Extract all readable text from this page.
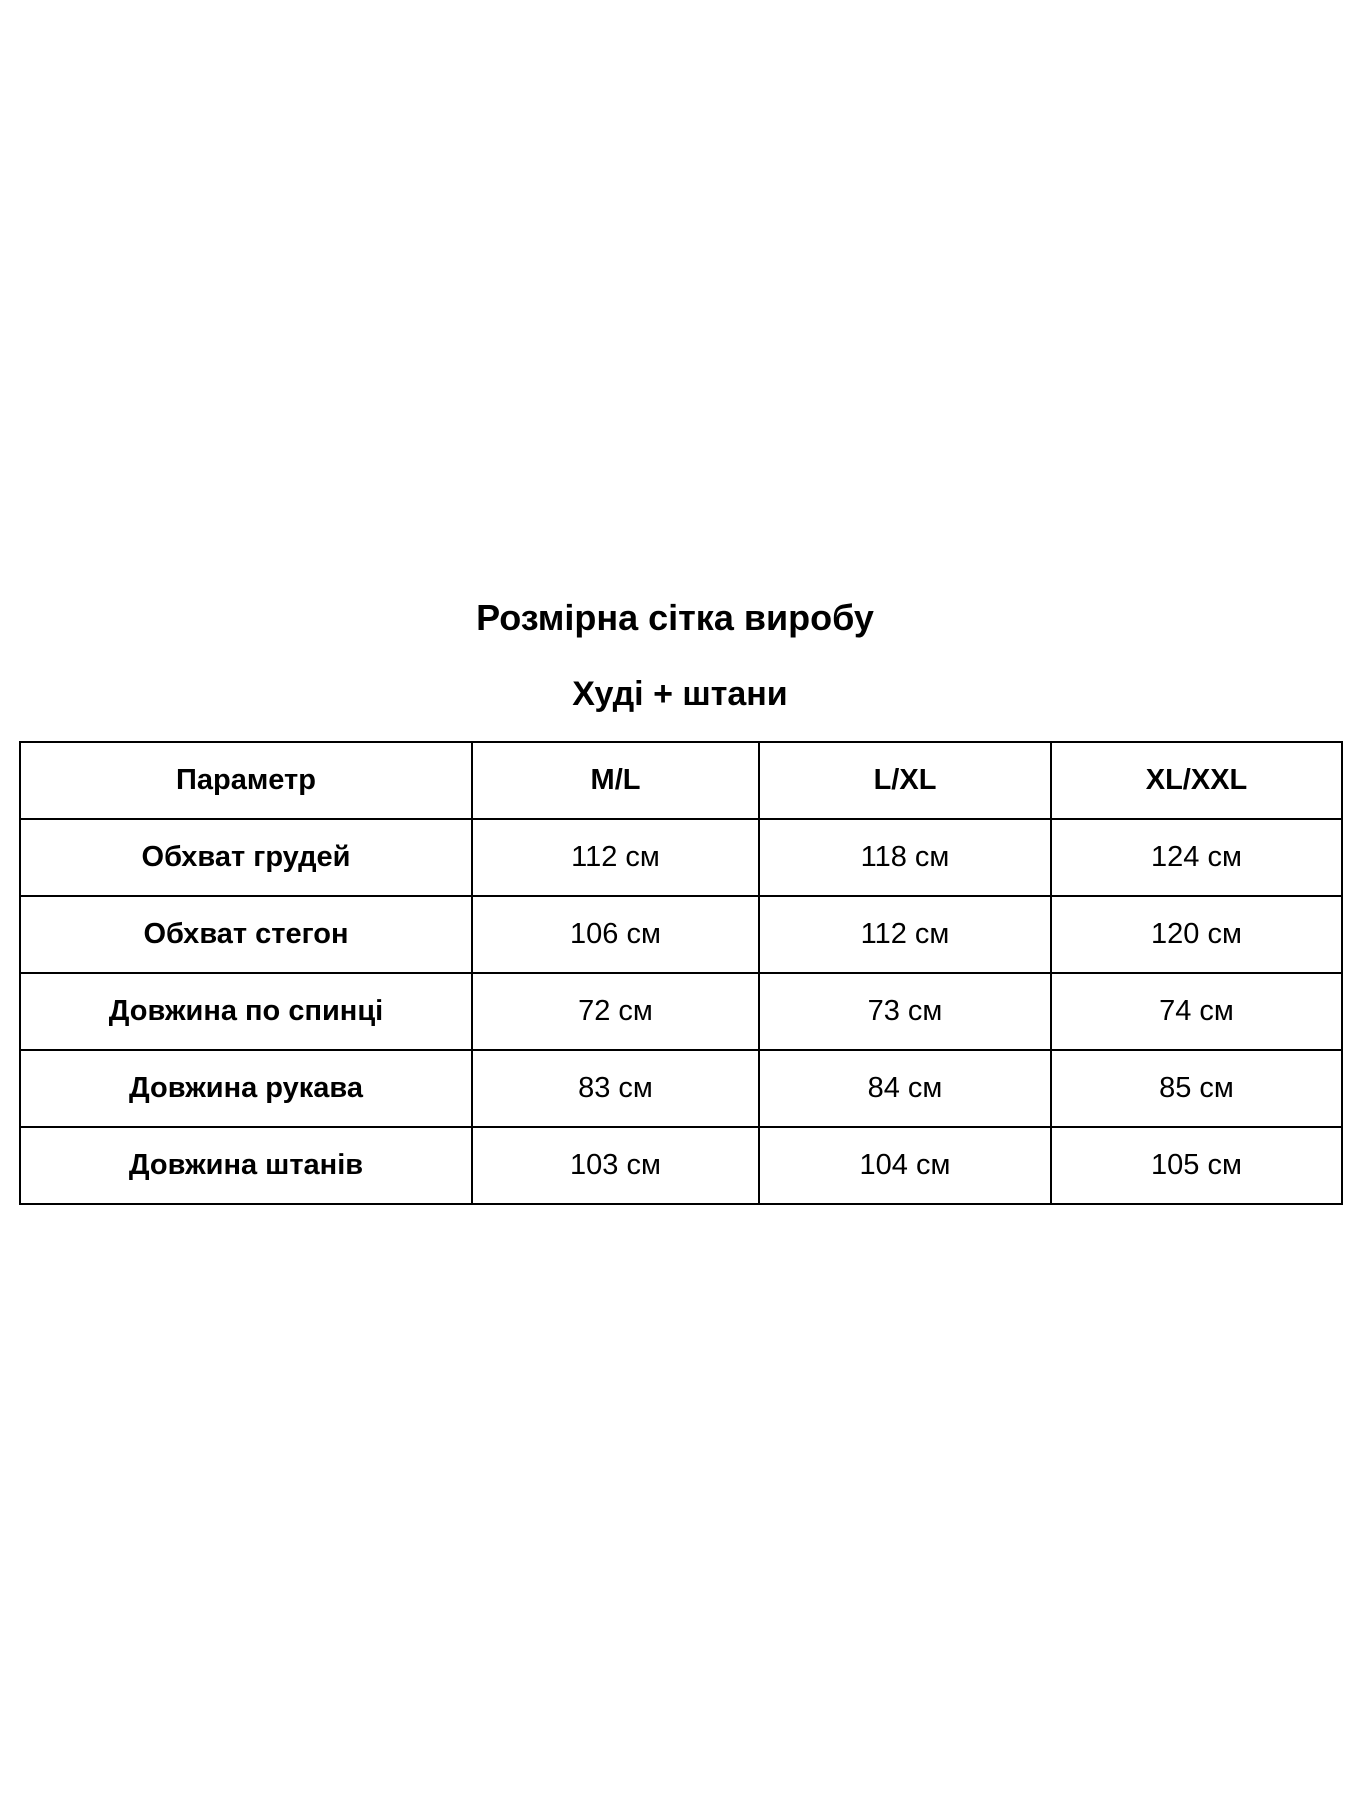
Розмірна сітка виробу
Худі + штани
Параметр	M/L	L/XL	XL/XXL
Обхват грудей	112 см	118 см	124 см
Обхват стегон	106 см	112 см	120 см
Довжина по спинці	72 см	73 см	74 см
Довжина рукава	83 см	84 см	85 см
Довжина штанів	103 см	104 см	105 см
